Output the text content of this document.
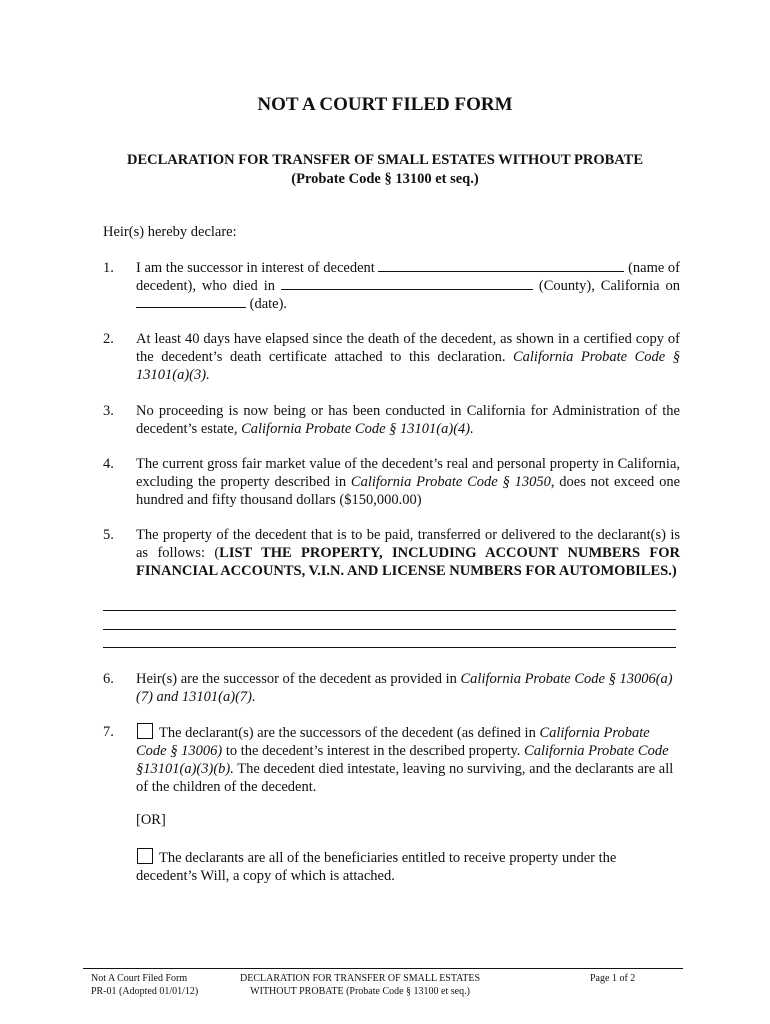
NOT A COURT FILED FORM
DECLARATION FOR TRANSFER OF SMALL ESTATES WITHOUT PROBATE
(Probate Code § 13100 et seq.)
Heir(s) hereby declare:
1. I am the successor in interest of decedent	(name of decedent), who died in	(County), California on  (date).
2. At least 40 days have elapsed since the death of the decedent, as shown in a certified copy of the decedent’s death certificate attached to this declaration. California Probate Code § 13101(a)(3).
3. No proceeding is now being or has been conducted in California for Administration of the decedent’s estate, California Probate Code § 13101(a)(4).
4. The current gross fair market value of the decedent’s real and personal property in California, excluding the property described in California Probate Code § 13050, does not exceed one hundred and fifty thousand dollars ($150,000.00)
5. The property of the decedent that is to be paid, transferred or delivered to the declarant(s) is as follows: (LIST THE PROPERTY, INCLUDING ACCOUNT NUMBERS FOR FINANCIAL ACCOUNTS, V.I.N. AND LICENSE NUMBERS FOR AUTOMOBILES.)
6. Heir(s) are the successor of the decedent as provided in California Probate Code § 13006(a)(7) and 13101(a)(7).
7.	The declarant(s) are the successors of the decedent (as defined in California Probate Code § 13006) to the decedent’s interest in the described property. California Probate Code §13101(a)(3)(b). The decedent died intestate, leaving no surviving, and the declarants are all of the children of the decedent.
[OR]
The declarants are all of the beneficiaries entitled to receive property under the decedent’s Will, a copy of which is attached.
Not A Court Filed Form
PR-01 (Adopted 01/01/12)
DECLARATION FOR TRANSFER OF SMALL ESTATES
WITHOUT PROBATE (Probate Code § 13100 et seq.)
Page 1 of 2
